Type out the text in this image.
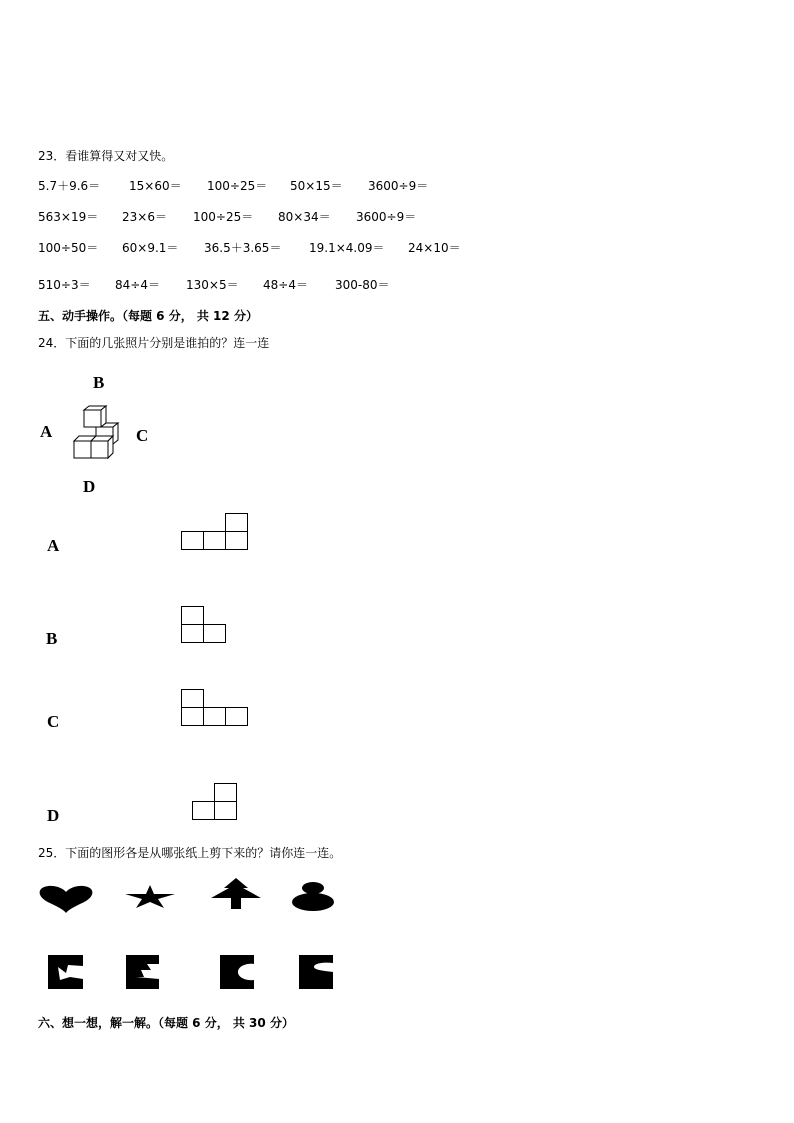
23．看谁算得又对又快。
5.7＋9.6＝ 15×60＝ 100÷25＝ 50×15＝ 3600÷9＝
563×19＝ 23×6＝ 100÷25＝ 80×34＝ 3600÷9＝
100÷50＝ 60×9.1＝ 36.5＋3.65＝ 19.1×4.09＝ 24×10＝
510÷3＝ 84÷4＝ 130×5＝ 48÷4＝ 300-80＝
五、动手操作。（每题 6 分， 共 12 分）
24．下面的几张照片分别是谁拍的？连一连
B
A	C
D
A
B
C
D
25．下面的图形各是从哪张纸上剪下来的？请你连一连。
六、想一想，解一解。（每题 6 分， 共 30 分）
